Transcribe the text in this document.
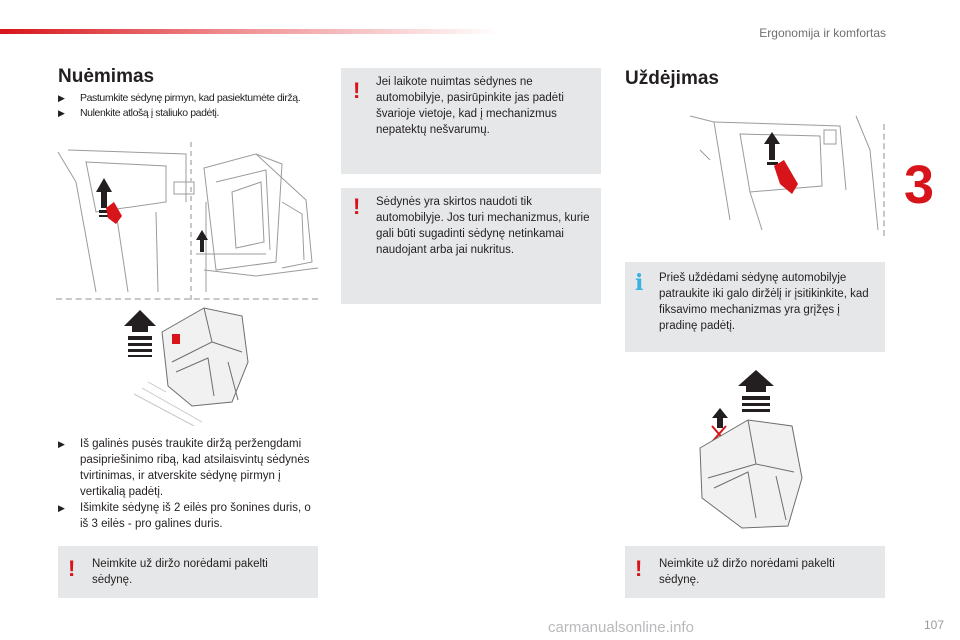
Ergonomija ir komfortas
3
Nuėmimas
▶ Pastumkite sėdynę pirmyn, kad pasiektumėte diržą.
▶ Nulenkite atlošą į staliuko padėtį.
▶ Iš galinės pusės traukite diržą peržengdami pasipriešinimo ribą, kad atsilaisvintų sėdynės tvirtinimas, ir atverskite sėdynę pirmyn į vertikalią padėtį.
▶ Išimkite sėdynę iš 2 eilės pro šonines duris, o iš 3 eilės - pro galines duris.
! Neimkite už diržo norėdami pakelti sėdynę.
! Jei laikote nuimtas sėdynes ne automobilyje, pasirūpinkite jas padėti švarioje vietoje, kad į mechanizmus nepatektų nešvarumų.
! Sėdynės yra skirtos naudoti tik automobilyje. Jos turi mechanizmus, kurie gali būti sugadinti sėdynę netinkamai naudojant arba jai nukritus.
Uždėjimas
i Prieš uždėdami sėdynę automobilyje patraukite iki galo diržėlį ir įsitikinkite, kad fiksavimo mechanizmas yra grįžęs į pradinę padėtį.
! Neimkite už diržo norėdami pakelti sėdynę.
carmanualsonline.info	107
